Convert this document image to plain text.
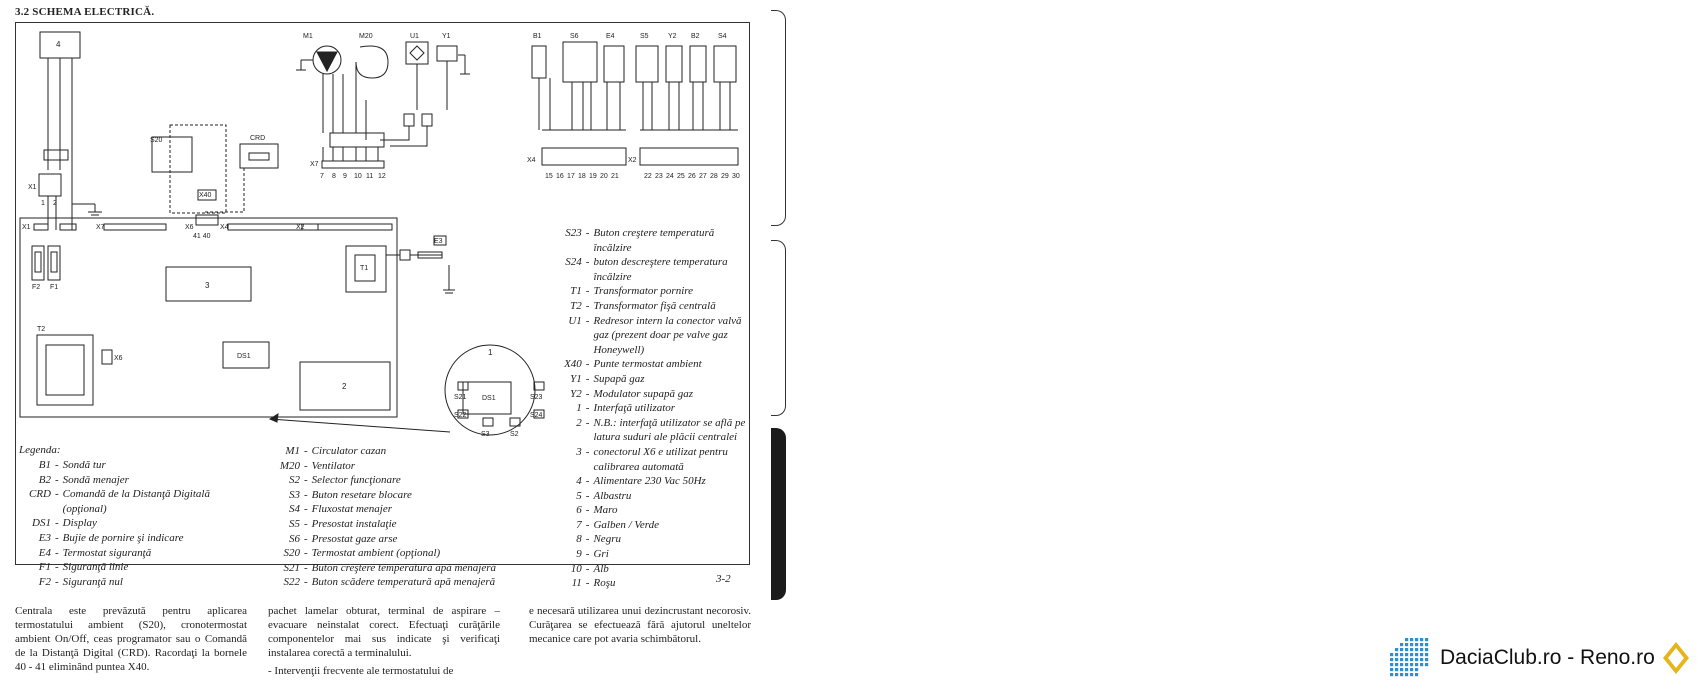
3.2 SCHEMA ELECTRICĂ.
4
X1
1 2
S20	CRD
X40
M1	M20	U1	Y1
X7
7 8 9 10 11 12
B1	S6	E4
X4
15 16 17 18 19 20 21
S5	Y2 B2	S4
X2
22 23 24 25 26 27 28 29 30
X1	X6
X7	X4	X2
41 40
E3
T1
T2
3
2
DS1
F2 F1
X6
1
DS1
S21	S23
S22	S24
S3	S2
Legenda:
B1 - Sondă tur
B2 - Sondă menajer
CRD - Comandă de la Distanţă Digitală (opţional)
DS1 - Display
E3 - Bujie de pornire şi indicare
E4 - Termostat siguranţă
F1 - Siguranţă linie
F2 - Siguranţă nul
M1 - Circulator cazan
M20 - Ventilator
S2 - Selector funcţionare
S3 - Buton resetare blocare
S4 - Fluxostat menajer
S5 - Presostat instalaţie
S6 - Presostat gaze arse
S20 - Termostat ambient (opţional)
S21 - Buton creştere temperatură apă menajeră
S22 - Buton scădere temperatură apă menajeră
S23 - Buton creştere temperatură încălzire
S24 - buton descreştere temperatura încălzire
T1 - Transformator pornire
T2 - Transformator fişă centrală
U1 - Redresor intern la conector valvă gaz (prezent doar pe valve gaz Honeywell)
X40 - Punte termostat ambient
Y1 - Supapă gaz
Y2 - Modulator supapă gaz
1 - Interfaţă utilizator
2 - N.B.: interfaţă utilizator se află pe latura suduri ale plăcii centralei
3 - conectorul X6 e utilizat pentru calibrarea automată
4 - Alimentare 230 Vac 50Hz
5 - Albastru
6 - Maro
7 - Galben / Verde
8 - Negru
9 - Gri
10 - Alb
11 - Roşu	3-2
Centrala este prevăzută pentru aplicarea termostatului ambient (S20), cronotermostat ambient On/Off, ceas programator sau o Comandă de la Distanţă Digital (CRD). Racordaţi la bornele 40 - 41 eliminând puntea X40.
pachet lamelar obturat, terminal de aspirare – evacuare neinstalat corect. Efectuaţi curăţările componentelor mai sus indicate şi verificaţi instalarea corectă a terminalului.
- Intervenţii frecvente ale termostatului de
e necesară utilizarea unui dezincrustant necorosiv. Curăţarea se efectuează fără ajutorul uneltelor mecanice care pot avaria schimbătorul.
DaciaClub.ro - Reno.ro
